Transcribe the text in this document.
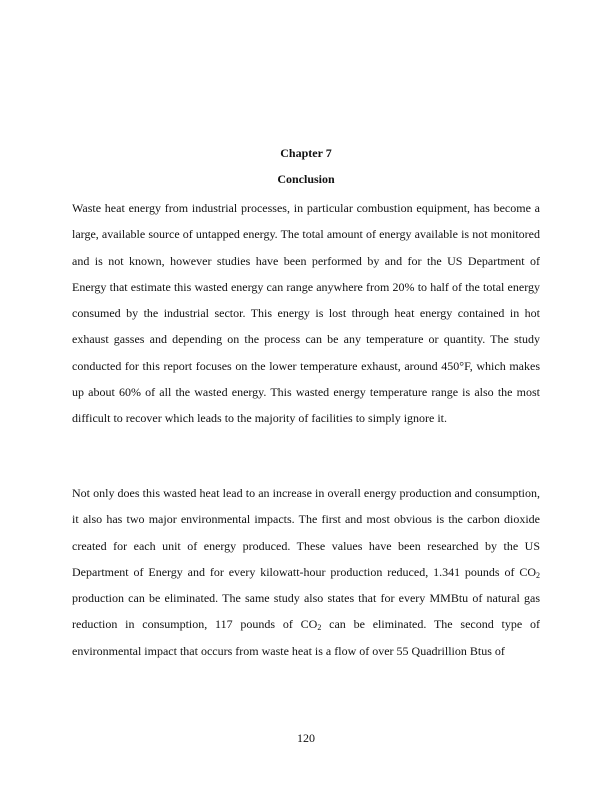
Chapter 7
Conclusion

Waste heat energy from industrial processes, in particular combustion equipment, has become a large, available source of untapped energy. The total amount of energy available is not monitored and is not known, however studies have been performed by and for the US Department of Energy that estimate this wasted energy can range anywhere from 20% to half of the total energy consumed by the industrial sector. This energy is lost through heat energy contained in hot exhaust gasses and depending on the process can be any temperature or quantity. The study conducted for this report focuses on the lower temperature exhaust, around 450°F, which makes up about 60% of all the wasted energy. This wasted energy temperature range is also the most difficult to recover which leads to the majority of facilities to simply ignore it.

Not only does this wasted heat lead to an increase in overall energy production and consumption, it also has two major environmental impacts. The first and most obvious is the carbon dioxide created for each unit of energy produced. These values have been researched by the US Department of Energy and for every kilowatt-hour production reduced, 1.341 pounds of $CO_2$ production can be eliminated. The same study also states that for every MMBtu of natural gas reduction in consumption, 117 pounds of $CO_2$ can be eliminated. The second type of environmental impact that occurs from waste heat is a flow of over 55 Quadrillion Btus of

120
